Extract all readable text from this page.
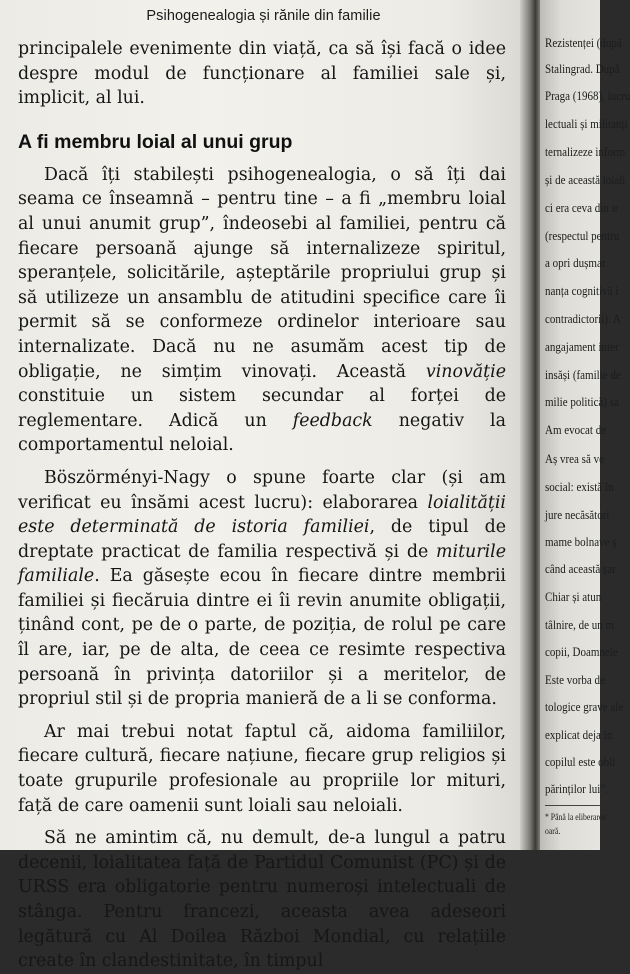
Psihogenealogia și rănile din familie

principalele evenimente din viață, ca să își facă o idee despre modul de funcționare al familiei sale și, implicit, al lui.

A fi membru loial al unui grup

Dacă îți stabilești psihogenealogia, o să îți dai seama ce înseamnă – pentru tine – a fi „membru loial al unui anumit grup”, îndeosebi al familiei, pentru că fiecare persoană ajunge să internalizeze spiritul, speranțele, solicitările, așteptările propriului grup și să utilizeze un ansamblu de atitudini specifice care îi permit să se conformeze ordinelor interioare sau internalizate. Dacă nu ne asumăm acest tip de obligație, ne simțim vinovați. Această vinovăție constituie un sistem secundar al forței de reglementare. Adică un feedback negativ la comportamentul neloial.

Böszörményi-Nagy o spune foarte clar (și am verificat eu însămi acest lucru): elaborarea loialității este determinată de istoria familiei, de tipul de dreptate practicat de familia respectivă și de miturile familiale. Ea găsește ecou în fiecare dintre membrii familiei și fiecăruia dintre ei îi revin anumite obligații, ținând cont, pe de o parte, de poziția, de rolul pe care îl are, iar, pe de alta, de ceea ce resimte respectiva persoană în privința datoriilor și a meritelor, de propriul stil și de propria manieră de a li se conforma.

Ar mai trebui notat faptul că, aidoma familiilor, fiecare cultură, fiecare națiune, fiecare grup religios și toate grupurile profesionale au propriile lor mituri, față de care oamenii sunt loiali sau neloiali.

Să ne amintim că, nu demult, de-a lungul a patru decenii, loialitatea față de Partidul Comunist (PC) și de URSS era obligatorie pentru numeroși intelectuali de stânga. Pentru francezi, aceasta avea adeseori legătură cu Al Doilea Război Mondial, cu relațiile create în clandestinitate, în timpul

Rezistenței (după
Stalingrad. După
Praga (1968), lucru
lectuali și militanți
ternalizeze inform
și de această loiali
ci era ceva din ir
(respectul pentru
a opri dușmar
nanța cognitivă i
contradictorii). A
angajament inter
insăși (familie de
milie politică) sa
Am evocat de
Aș vrea să ve
social: există în
jure necăsători
mame bolnave ș
când această șar
Chiar și atun
tâlnire, de un m
copii, Doamnele
Este vorba de
tologice grave ale
explicat deja în
copilul este obli
părinților lui”.
* Până la eliberarea
oară.
